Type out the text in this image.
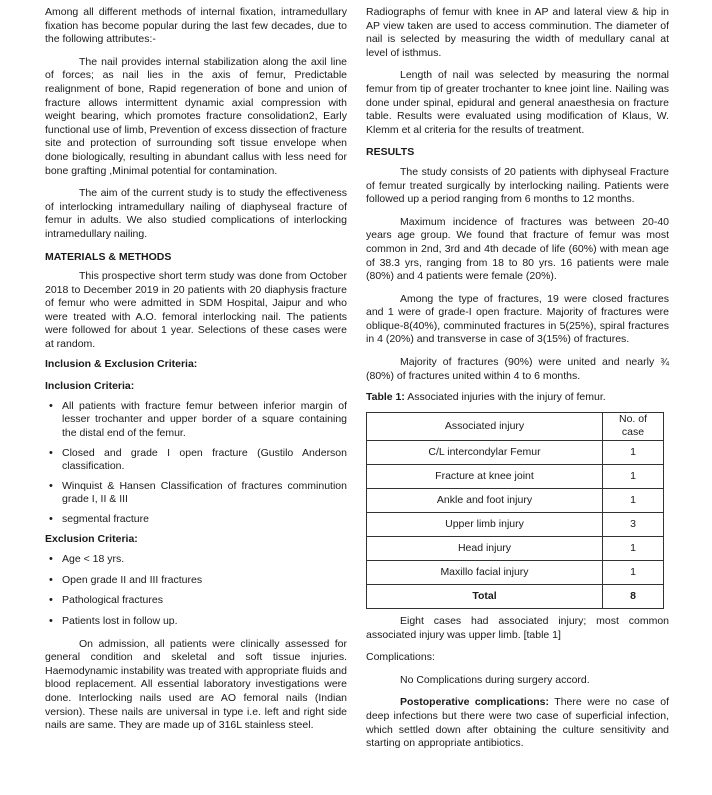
Among all different methods of internal fixation, intramedullary fixation has become popular during the last few decades, due to the following attributes:-

The nail provides internal stabilization along the axil line of forces; as nail lies in the axis of femur, Predictable realignment of bone, Rapid regeneration of bone and union of fracture allows intermittent dynamic axial compression with weight bearing, which promotes fracture consolidation2, Early functional use of limb, Prevention of excess dissection of fracture site and protection of surrounding soft tissue envelope when done biologically, resulting in abundant callus with less need for bone grafting ,Minimal potential for contamination.

The aim of the current study is to study the effectiveness of interlocking intramedullary nailing of diaphyseal fracture of femur in adults. We also studied complications of interlocking intramedullary nailing.

MATERIALS & METHODS

This prospective short term study was done from October 2018 to December 2019 in 20 patients with 20 diaphysis fracture of femur who were admitted in SDM Hospital, Jaipur and who were treated with A.O. femoral interlocking nail. The patients were followed for about 1 year. Selections of these cases were at random.

Inclusion & Exclusion Criteria:
Inclusion Criteria:
• All patients with fracture femur between inferior margin of lesser trochanter and upper border of a square containing the distal end of the femur.
• Closed and grade I open fracture (Gustilo Anderson classification.
• Winquist & Hansen Classification of fractures comminution grade I, II & III
• segmental fracture
Exclusion Criteria:
• Age < 18 yrs.
• Open grade II and III fractures
• Pathological fractures
• Patients lost in follow up.

On admission, all patients were clinically assessed for general condition and skeletal and soft tissue injuries. Haemodynamic instability was treated with appropriate fluids and blood replacement. All essential laboratory investigations were done. Interlocking nails used are AO femoral nails (Indian version). These nails are universal in type i.e. left and right side nails are same. They are made up of 316L stainless steel.

Radiographs of femur with knee in AP and lateral view & hip in AP view taken are used to access comminution. The diameter of nail is selected by measuring the width of medullary canal at level of isthmus.

Length of nail was selected by measuring the normal femur from tip of greater trochanter to knee joint line. Nailing was done under spinal, epidural and general anaesthesia on fracture table. Results were evaluated using modification of Klaus, W. Klemm et al criteria for the results of treatment.

RESULTS

The study consists of 20 patients with diphyseal Fracture of femur treated surgically by interlocking nailing. Patients were followed up a period ranging from 6 months to 12 months.

Maximum incidence of fractures was between 20-40 years age group. We found that fracture of femur was most common in 2nd, 3rd and 4th decade of life (60%) with mean age of 38.3 yrs, ranging from 18 to 80 yrs. 16 patients were male (80%) and 4 patients were female (20%).

Among the type of fractures, 19 were closed fractures and 1 were of grade-I open fracture. Majority of fractures were oblique-8(40%), comminuted fractures in 5(25%), spiral fractures in 4 (20%) and transverse in case of 3(15%) of fractures.

Majority of fractures (90%) were united and nearly ¾ (80%) of fractures united within 4 to 6 months.

Table 1: Associated injuries with the injury of femur.

Associated injury	No. of case
C/L intercondylar Femur	1
Fracture at knee joint	1
Ankle and foot injury	1
Upper limb injury	3
Head injury	1
Maxillo facial injury	1
Total	8

Eight cases had associated injury; most common associated injury was upper limb. [table 1]

Complications:

No Complications during surgery accord.

Postoperative complications: There were no case of deep infections but there were two case of superficial infection, which settled down after obtaining the culture sensitivity and starting on appropriate antibiotics.
